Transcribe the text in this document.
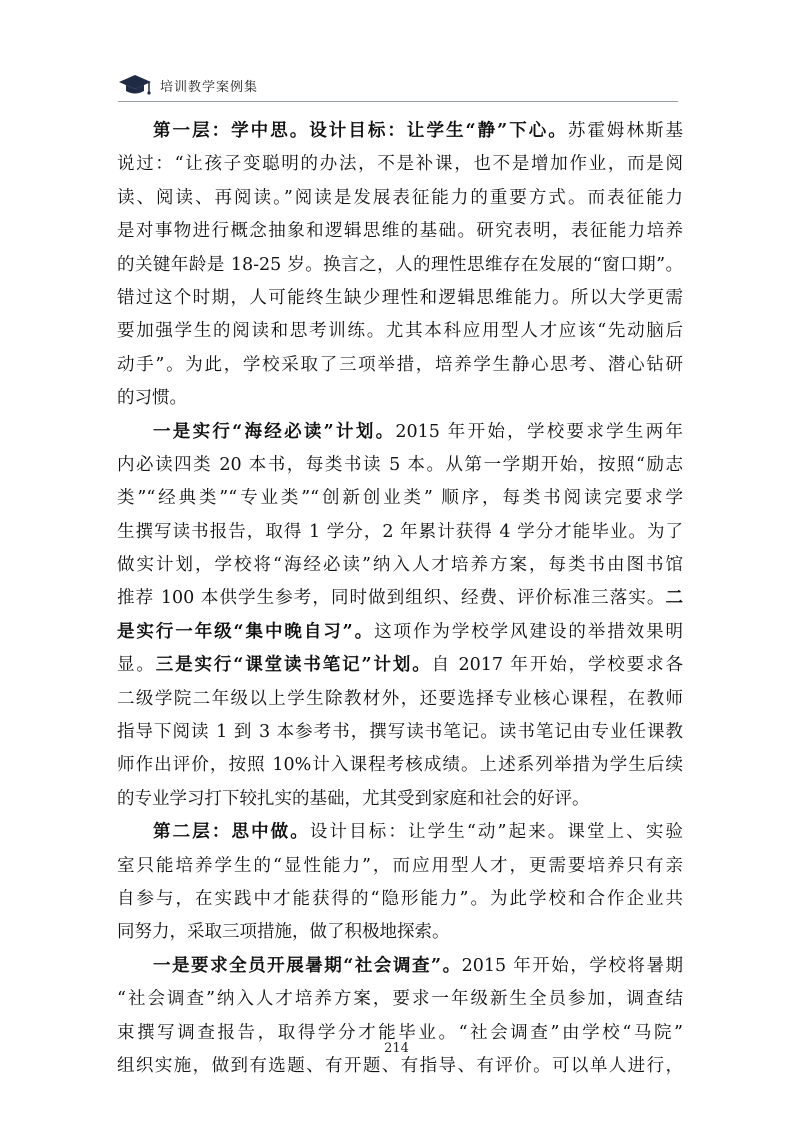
培训教学案例集
第一层：学中思。设计目标：让学生“静”下心。苏霍姆林斯基
说过：“让孩子变聪明的办法，不是补课，也不是增加作业，而是阅
读、阅读、再阅读。”阅读是发展表征能力的重要方式。而表征能力
是对事物进行概念抽象和逻辑思维的基础。研究表明，表征能力培养
的关键年龄是 18-25 岁。换言之，人的理性思维存在发展的“窗口期”。
错过这个时期，人可能终生缺少理性和逻辑思维能力。所以大学更需
要加强学生的阅读和思考训练。尤其本科应用型人才应该“先动脑后
动手”。为此，学校采取了三项举措，培养学生静心思考、潜心钻研
的习惯。
一是实行“海经必读”计划。2015 年开始，学校要求学生两年
内必读四类 20 本书，每类书读 5 本。从第一学期开始，按照“励志
类”“经典类”“专业类”“创新创业类” 顺序，每类书阅读完要求学
生撰写读书报告，取得 1 学分，2 年累计获得 4 学分才能毕业。为了
做实计划，学校将“海经必读”纳入人才培养方案，每类书由图书馆
推荐 100 本供学生参考，同时做到组织、经费、评价标准三落实。二
是实行一年级“集中晚自习”。这项作为学校学风建设的举措效果明
显。三是实行“课堂读书笔记”计划。自 2017 年开始，学校要求各
二级学院二年级以上学生除教材外，还要选择专业核心课程，在教师
指导下阅读 1 到 3 本参考书，撰写读书笔记。读书笔记由专业任课教
师作出评价，按照 10%计入课程考核成绩。上述系列举措为学生后续
的专业学习打下较扎实的基础，尤其受到家庭和社会的好评。
第二层：思中做。设计目标：让学生“动”起来。课堂上、实验
室只能培养学生的“显性能力”，而应用型人才，更需要培养只有亲
自参与，在实践中才能获得的“隐形能力”。为此学校和合作企业共
同努力，采取三项措施，做了积极地探索。
一是要求全员开展暑期“社会调查”。2015 年开始，学校将暑期
“社会调查”纳入人才培养方案，要求一年级新生全员参加，调查结
束撰写调查报告，取得学分才能毕业。“社会调查”由学校“马院”
组织实施，做到有选题、有开题、有指导、有评价。可以单人进行，
214
